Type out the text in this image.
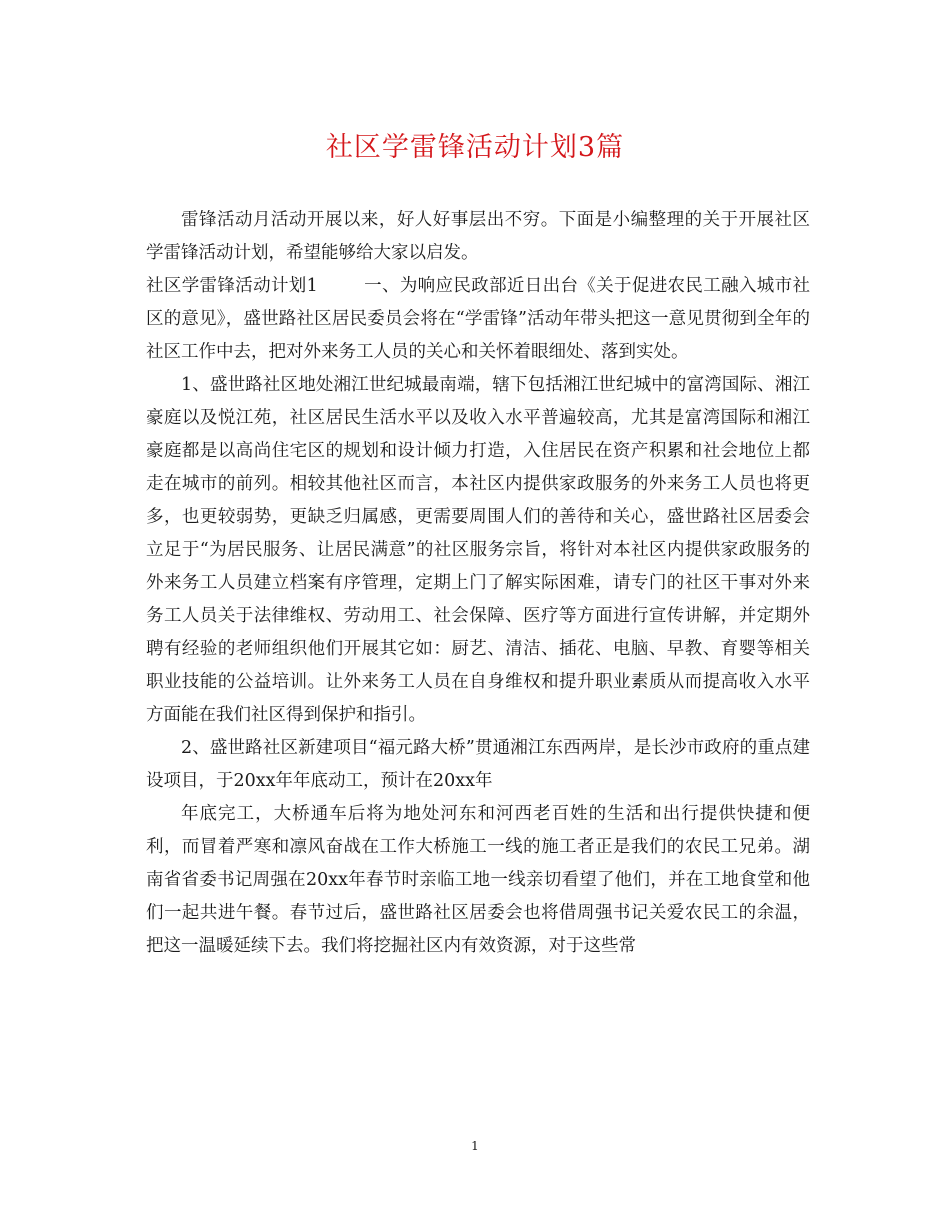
社区学雷锋活动计划3篇

雷锋活动月活动开展以来，好人好事层出不穷。下面是小编整理的关于开展社区学雷锋活动计划，希望能够给大家以启发。

社区学雷锋活动计划1	一、为响应民政部近日出台《关于促进农民工融入城市社区的意见》，盛世路社区居民委员会将在“学雷锋”活动年带头把这一意见贯彻到全年的社区工作中去，把对外来务工人员的关心和关怀着眼细处、落到实处。

1、盛世路社区地处湘江世纪城最南端，辖下包括湘江世纪城中的富湾国际、湘江豪庭以及悦江苑，社区居民生活水平以及收入水平普遍较高，尤其是富湾国际和湘江豪庭都是以高尚住宅区的规划和设计倾力打造，入住居民在资产积累和社会地位上都走在城市的前列。相较其他社区而言，本社区内提供家政服务的外来务工人员也将更多，也更较弱势，更缺乏归属感，更需要周围人们的善待和关心，盛世路社区居委会立足于“为居民服务、让居民满意”的社区服务宗旨，将针对本社区内提供家政服务的外来务工人员建立档案有序管理，定期上门了解实际困难，请专门的社区干事对外来务工人员关于法律维权、劳动用工、社会保障、医疗等方面进行宣传讲解，并定期外聘有经验的老师组织他们开展其它如：厨艺、清洁、插花、电脑、早教、育婴等相关职业技能的公益培训。让外来务工人员在自身维权和提升职业素质从而提高收入水平方面能在我们社区得到保护和指引。

2、盛世路社区新建项目“福元路大桥”贯通湘江东西两岸，是长沙市政府的重点建设项目，于20xx年年底动工，预计在20xx年

年底完工，大桥通车后将为地处河东和河西老百姓的生活和出行提供快捷和便利，而冒着严寒和凛风奋战在工作大桥施工一线的施工者正是我们的农民工兄弟。湖南省省委书记周强在20xx年春节时亲临工地一线亲切看望了他们，并在工地食堂和他们一起共进午餐。春节过后，盛世路社区居委会也将借周强书记关爱农民工的余温，把这一温暖延续下去。我们将挖掘社区内有效资源，对于这些常

1
